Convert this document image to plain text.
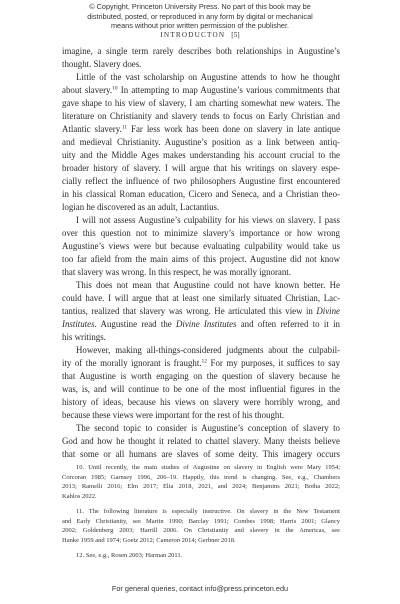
© Copyright, Princeton University Press. No part of this book may be
distributed, posted, or reproduced in any form by digital or mechanical
means without prior written permission of the publisher.
INTRODUCTON [5]
imagine, a single term rarely describes both relationships in Augustine’s
thought. Slavery does.
Little of the vast scholarship on Augustine attends to how he thought
about slavery.$^{10}$ In attempting to map Augustine’s various commitments that
gave shape to his view of slavery, I am charting somewhat new waters. The
literature on Christianity and slavery tends to focus on Early Christian and
Atlantic slavery.$^{11}$ Far less work has been done on slavery in late antique
and medieval Christianity. Augustine’s position as a link between antiq-
uity and the Middle Ages makes understanding his account crucial to the
broader history of slavery. I will argue that his writings on slavery espe-
cially reflect the influence of two philosophers Augustine first encountered
in his classical Roman education, Cicero and Seneca, and a Christian theo-
logian he discovered as an adult, Lactantius.
I will not assess Augustine’s culpability for his views on slavery. I pass
over this question not to minimize slavery’s importance or how wrong
Augustine’s views were but because evaluating culpability would take us
too far afield from the main aims of this project. Augustine did not know
that slavery was wrong. In this respect, he was morally ignorant.
This does not mean that Augustine could not have known better. He
could have. I will argue that at least one similarly situated Christian, Lac-
tantius, realized that slavery was wrong. He articulated this view in Divine
Institutes. Augustine read the Divine Institutes and often referred to it in
his writings.
However, making all-things-considered judgments about the culpabil-
ity of the morally ignorant is fraught.$^{12}$ For my purposes, it suffices to say
that Augustine is worth engaging on the question of slavery because he
was, is, and will continue to be one of the most influential figures in the
history of ideas, because his views on slavery were horribly wrong, and
because these views were important for the rest of his thought.
The second topic to consider is Augustine’s conception of slavery to
God and how he thought it related to chattel slavery. Many theists believe
that some or all humans are slaves of some deity. This imagery occurs
10. Until recently, the main studies of Augustine on slavery in English were Mary 1954;
Corcoran 1985; Garnsey 1996, 206–19. Happily, this trend is changing. See, e.g., Chambers
2013; Ramelli 2016; Elm 2017; Elia 2018, 2021, and 2024; Benjamins 2021; Botha 2022;
Kahlos 2022.
11. The following literature is especially instructive. On slavery in the New Testament
and Early Christianity, see Martin 1990; Barclay 1991; Combes 1998; Harris 2001; Glancy
2002; Goldenberg 2003; Harrill 2006. On Christianity and slavery in the Americas, see
Hanke 1959 and 1974; Goetz 2012; Cameron 2014; Gerbner 2018.
12. See, e.g., Rosen 2003; Harman 2011.
For general queries, contact info@press.princeton.edu
